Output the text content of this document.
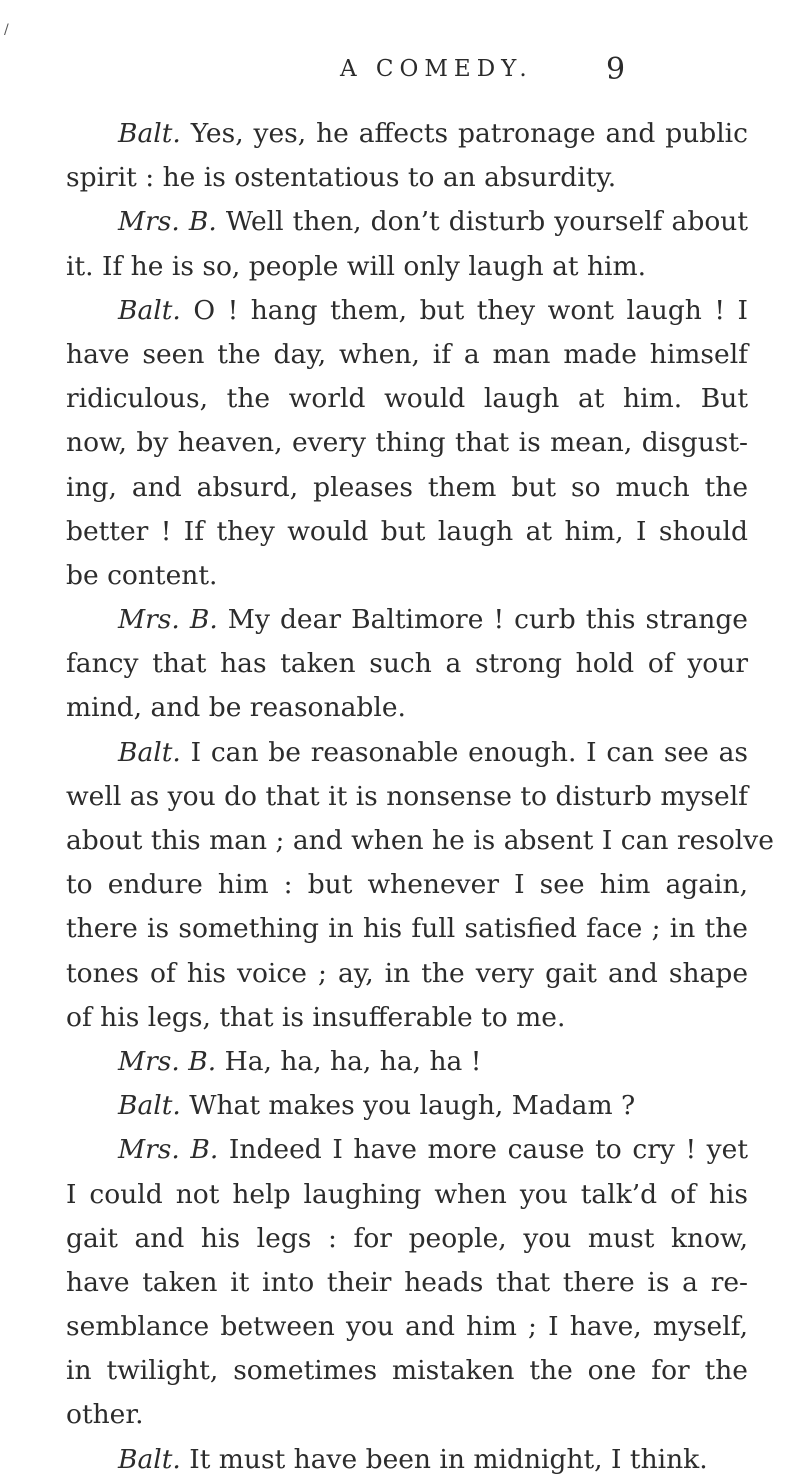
/
A COMEDY. 9
Balt. Yes, yes, he affects patronage and public
spirit : he is ostentatious to an absurdity.
Mrs. B. Well then, don’t disturb yourself about
it. If he is so, people will only laugh at him.
Balt. O ! hang them, but they wont laugh ! I
have seen the day, when, if a man made himself
ridiculous, the world would laugh at him. But
now, by heaven, every thing that is mean, disgust-
ing, and absurd, pleases them but so much the
better ! If they would but laugh at him, I should
be content.
Mrs. B. My dear Baltimore ! curb this strange
fancy that has taken such a strong hold of your
mind, and be reasonable.
Balt. I can be reasonable enough. I can see as
well as you do that it is nonsense to disturb myself
about this man ; and when he is absent I can resolve
to endure him : but whenever I see him again,
there is something in his full satisfied face ; in the
tones of his voice ; ay, in the very gait and shape
of his legs, that is insufferable to me.
Mrs. B. Ha, ha, ha, ha, ha !
Balt. What makes you laugh, Madam ?
Mrs. B. Indeed I have more cause to cry ! yet
I could not help laughing when you talk’d of his
gait and his legs : for people, you must know,
have taken it into their heads that there is a re-
semblance between you and him ; I have, myself,
in twilight, sometimes mistaken the one for the
other.
Balt. It must have been in midnight, I think.
